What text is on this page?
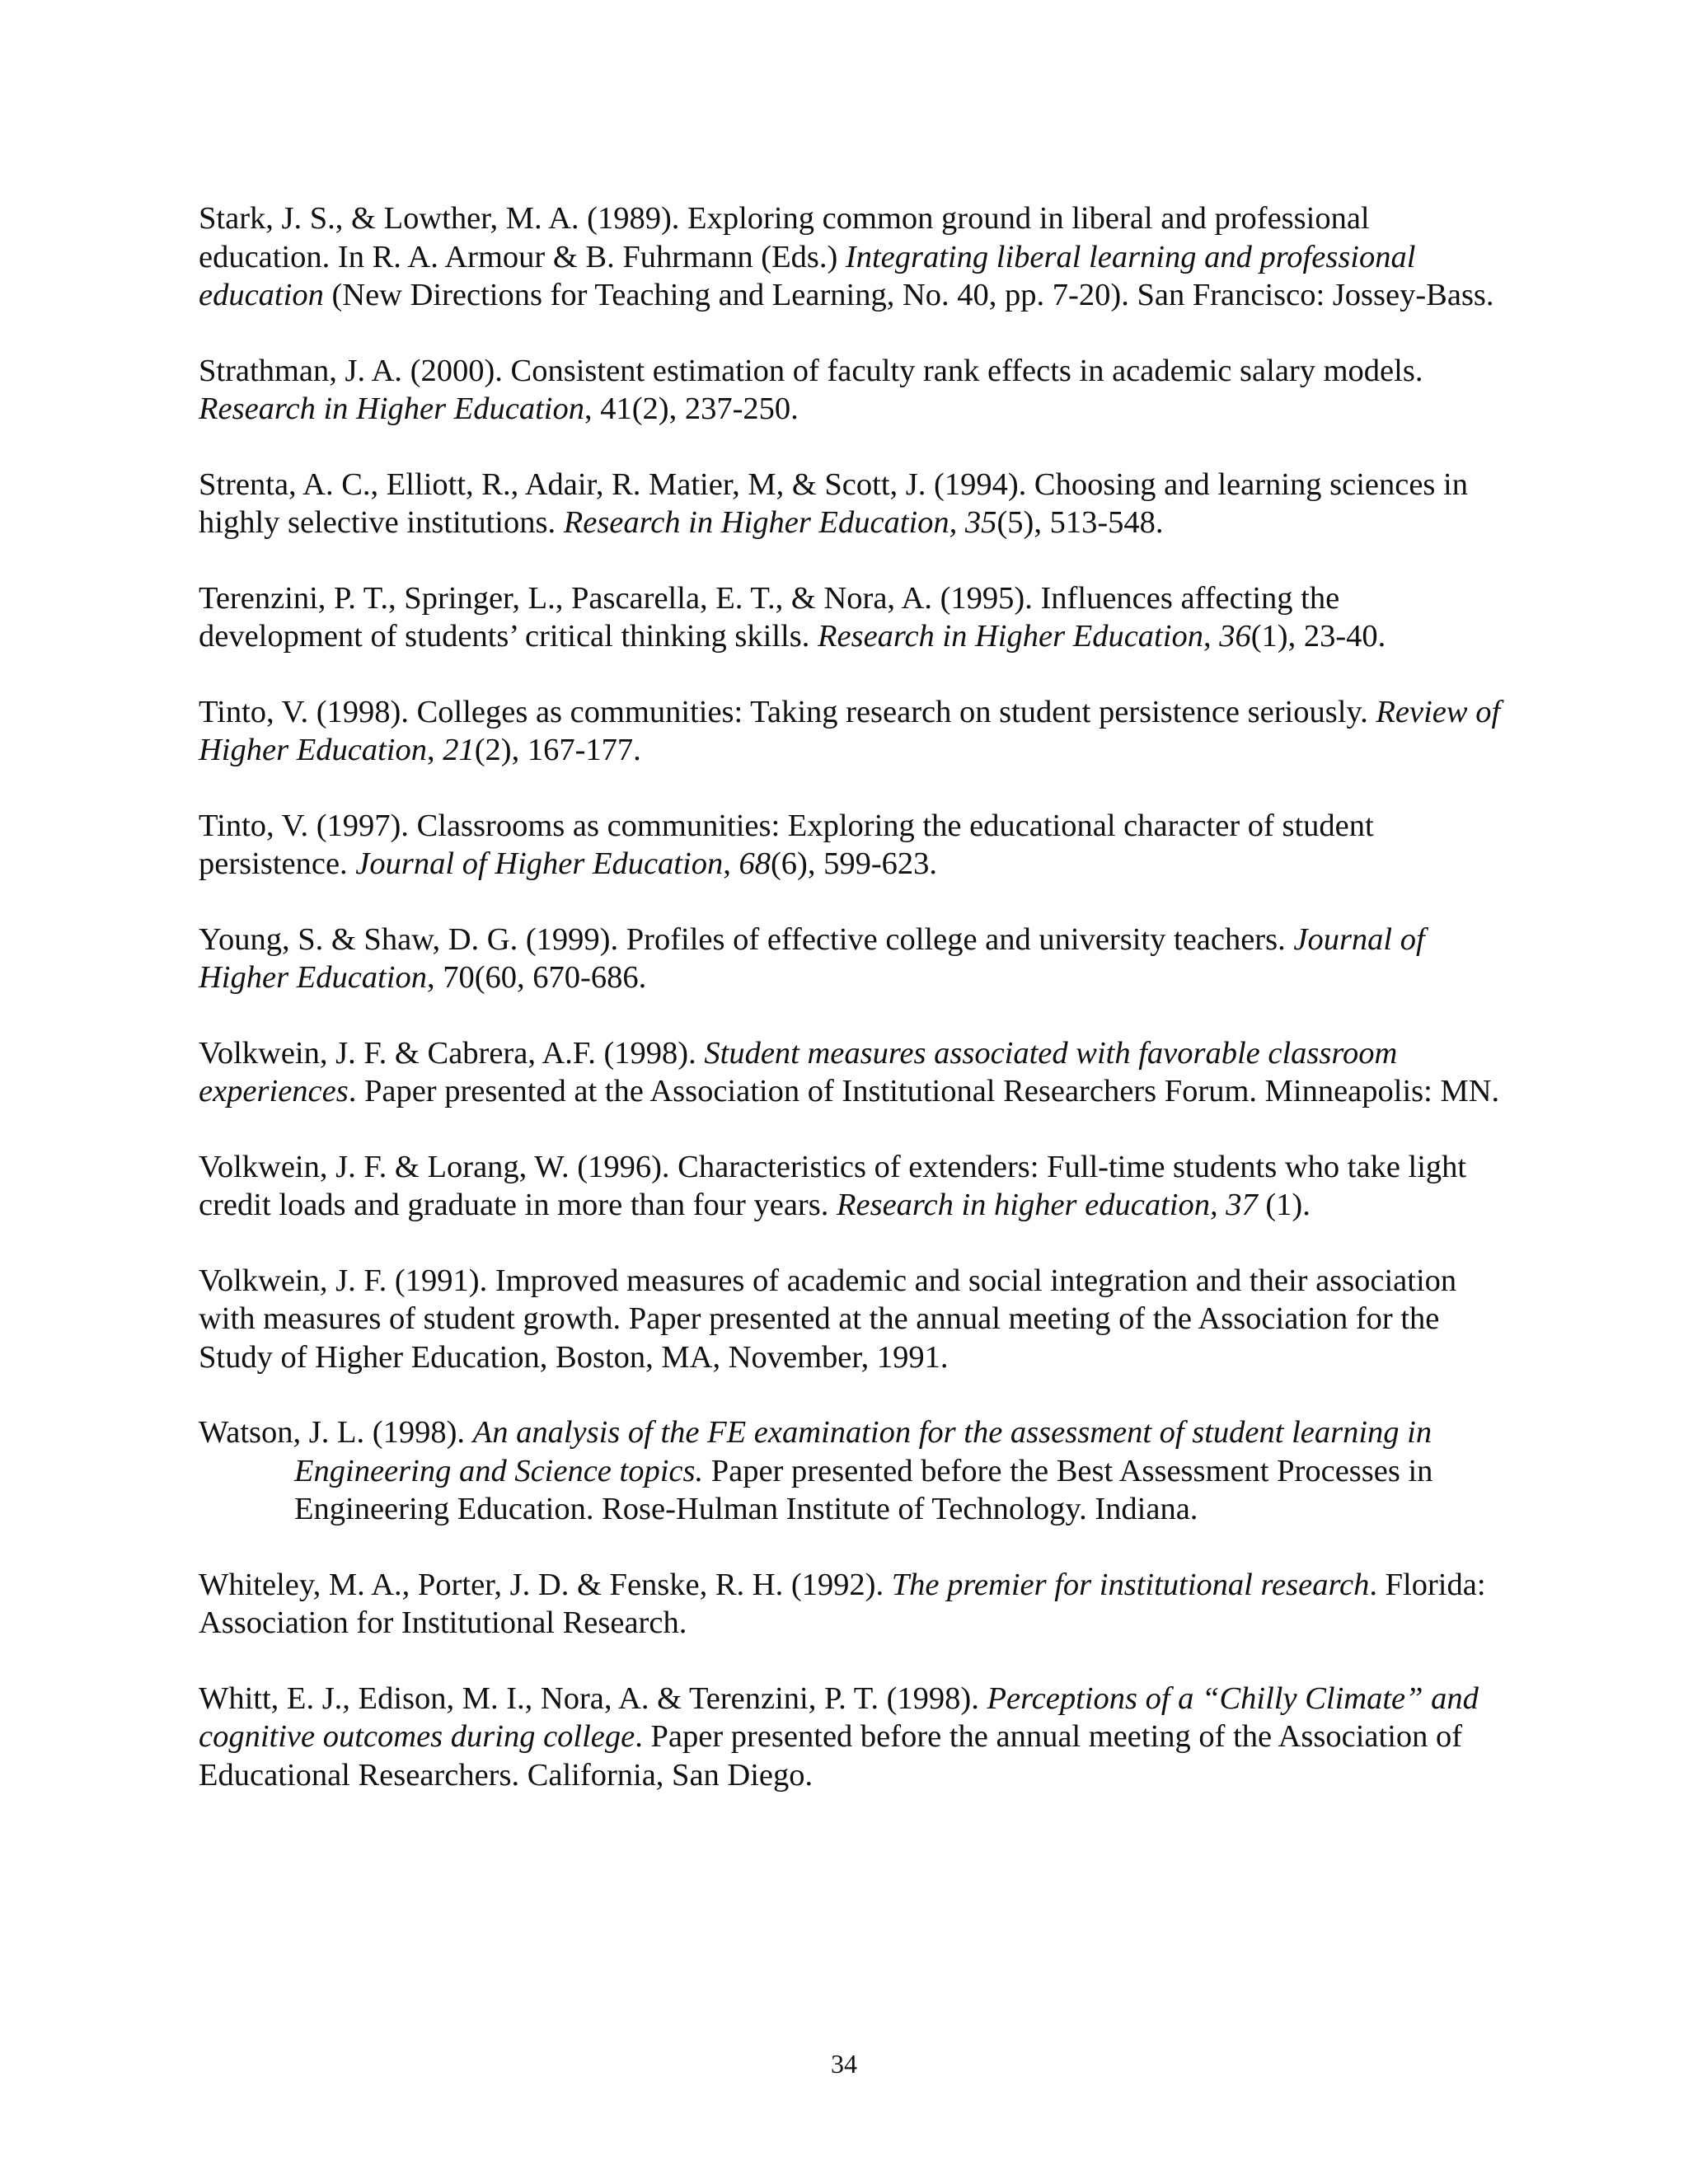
Stark, J. S., & Lowther, M. A. (1989). Exploring common ground in liberal and professional education. In R. A. Armour & B. Fuhrmann (Eds.) Integrating liberal learning and professional education (New Directions for Teaching and Learning, No. 40, pp. 7-20). San Francisco: Jossey-Bass.

Strathman, J. A. (2000). Consistent estimation of faculty rank effects in academic salary models. Research in Higher Education, 41(2), 237-250.

Strenta, A. C., Elliott, R., Adair, R. Matier, M, & Scott, J. (1994). Choosing and learning sciences in highly selective institutions. Research in Higher Education, 35(5), 513-548.

Terenzini, P. T., Springer, L., Pascarella, E. T., & Nora, A. (1995). Influences affecting the development of students’ critical thinking skills. Research in Higher Education, 36(1), 23-40.

Tinto, V. (1998). Colleges as communities: Taking research on student persistence seriously. Review of Higher Education, 21(2), 167-177.

Tinto, V. (1997). Classrooms as communities: Exploring the educational character of student persistence. Journal of Higher Education, 68(6), 599-623.

Young, S. & Shaw, D. G. (1999). Profiles of effective college and university teachers. Journal of Higher Education, 70(60, 670-686.

Volkwein, J. F. & Cabrera, A.F. (1998). Student measures associated with favorable classroom experiences. Paper presented at the Association of Institutional Researchers Forum. Minneapolis: MN.

Volkwein, J. F. & Lorang, W. (1996). Characteristics of extenders: Full-time students who take light credit loads and graduate in more than four years. Research in higher education, 37 (1).

Volkwein, J. F. (1991). Improved measures of academic and social integration and their association with measures of student growth. Paper presented at the annual meeting of the Association for the Study of Higher Education, Boston, MA, November, 1991.

Watson, J. L. (1998). An analysis of the FE examination for the assessment of student learning in Engineering and Science topics. Paper presented before the Best Assessment Processes in Engineering Education. Rose-Hulman Institute of Technology. Indiana.

Whiteley, M. A., Porter, J. D. & Fenske, R. H. (1992). The premier for institutional research. Florida: Association for Institutional Research.

Whitt, E. J., Edison, M. I., Nora, A. & Terenzini, P. T. (1998). Perceptions of a “Chilly Climate” and cognitive outcomes during college. Paper presented before the annual meeting of the Association of Educational Researchers. California, San Diego.

34
